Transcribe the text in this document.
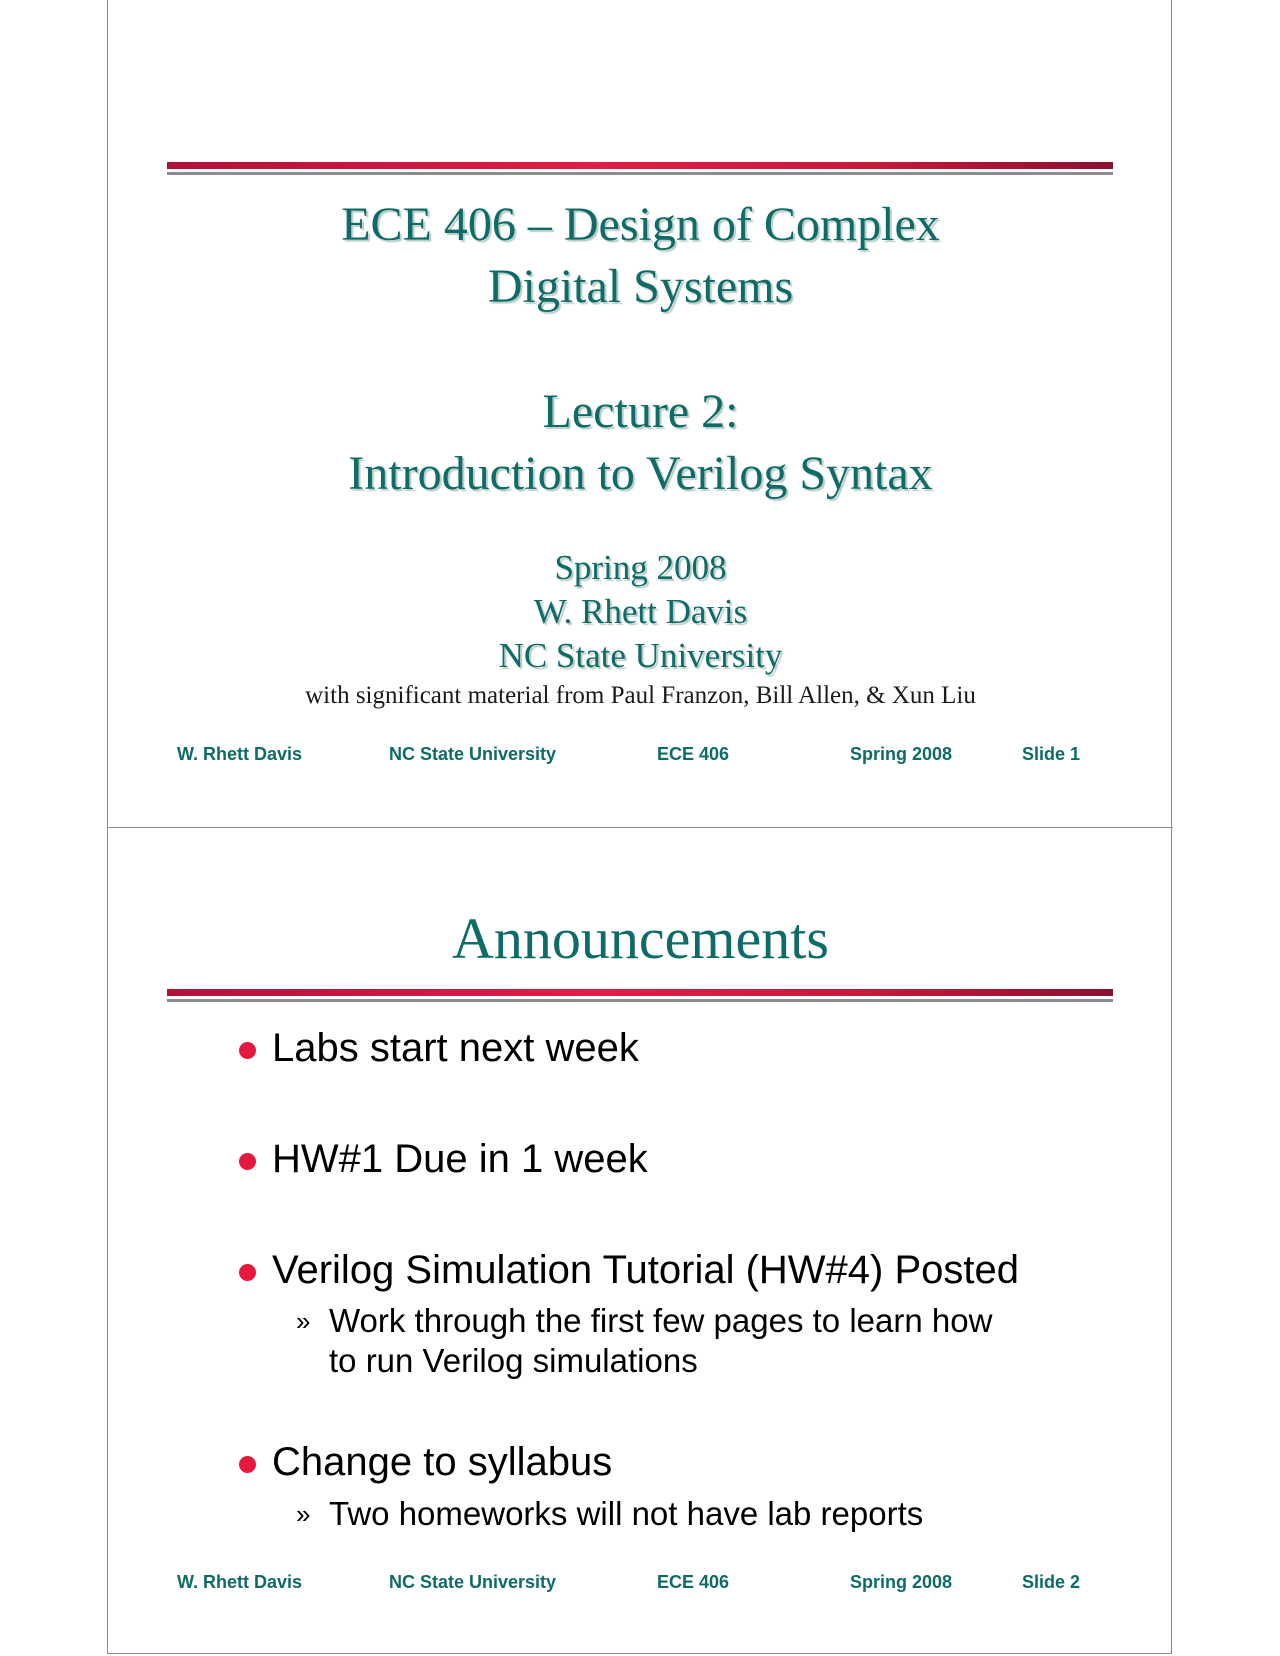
ECE 406 – Design of Complex
Digital Systems
Lecture 2:
Introduction to Verilog Syntax
Spring 2008
W. Rhett Davis
NC State University
with significant material from Paul Franzon, Bill Allen, & Xun Liu
W. Rhett Davis	NC State University	ECE 406	Spring 2008	Slide 1
Announcements
Labs start next week
HW#1 Due in 1 week
Verilog Simulation Tutorial (HW#4) Posted
» Work through the first few pages to learn how
to run Verilog simulations
Change to syllabus
» Two homeworks will not have lab reports
W. Rhett Davis	NC State University	ECE 406	Spring 2008	Slide 2
